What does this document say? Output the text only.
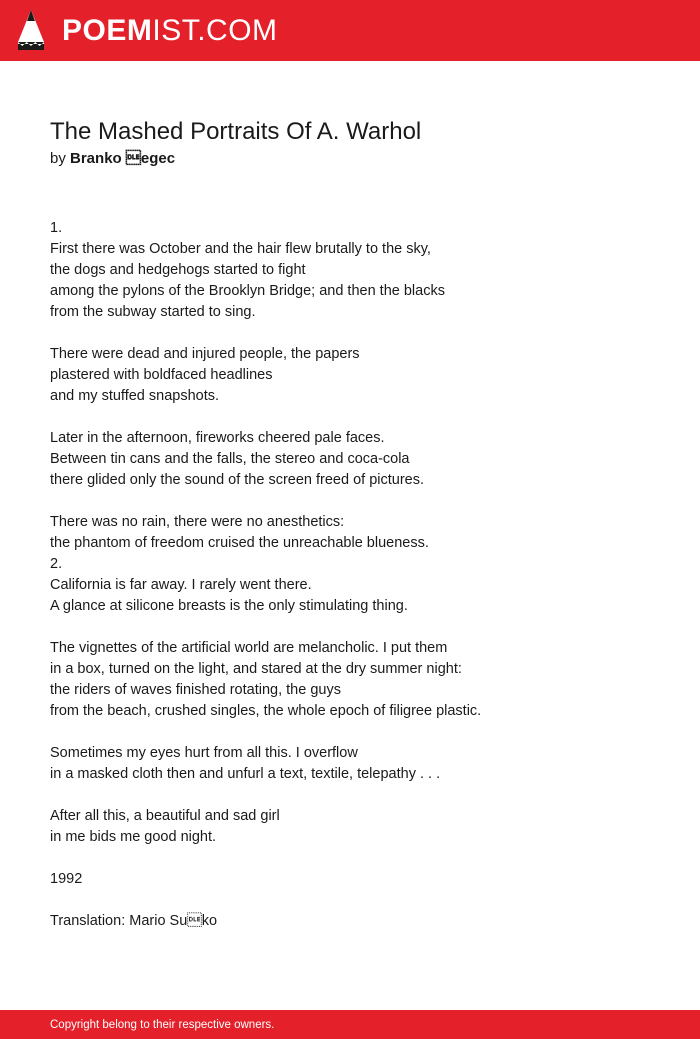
POEMIST.COM
The Mashed Portraits Of A. Warhol
by Branko egec
1.
First there was October and the hair flew brutally to the sky,
the dogs and hedgehogs started to fight
among the pylons of the Brooklyn Bridge; and then the blacks
from the subway started to sing.
There were dead and injured people, the papers
plastered with boldfaced headlines
and my stuffed snapshots.
Later in the afternoon, fireworks cheered pale faces.
Between tin cans and the falls, the stereo and coca-cola
there glided only the sound of the screen freed of pictures.
There was no rain, there were no anesthetics:
the phantom of freedom cruised the unreachable blueness.
2.
California is far away. I rarely went there.
A glance at silicone breasts is the only stimulating thing.
The vignettes of the artificial world are melancholic. I put them
in a box, turned on the light, and stared at the dry summer night:
the riders of waves finished rotating, the guys
from the beach, crushed singles, the whole epoch of filigree plastic.
Sometimes my eyes hurt from all this. I overflow
in a masked cloth then and unfurl a text, textile, telepathy . . .
After all this, a beautiful and sad girl
in me bids me good night.
1992
Translation: Mario Suko
Copyright belong to their respective owners.
